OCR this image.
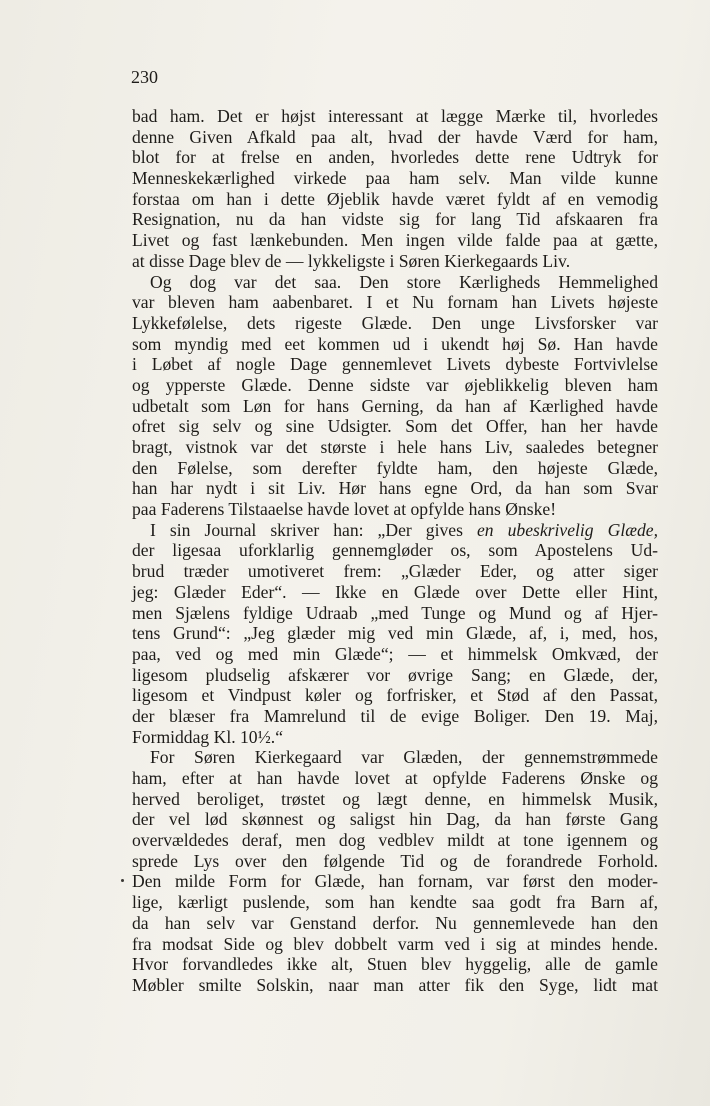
230
bad ham. Det er højst interessant at lægge Mærke til, hvorledes
denne Given Afkald paa alt, hvad der havde Værd for ham,
blot for at frelse en anden, hvorledes dette rene Udtryk for
Menneskekærlighed virkede paa ham selv. Man vilde kunne
forstaa om han i dette Øjeblik havde været fyldt af en vemodig
Resignation, nu da han vidste sig for lang Tid afskaaren fra
Livet og fast lænkebunden. Men ingen vilde falde paa at gætte,
at disse Dage blev de — lykkeligste i Søren Kierkegaards Liv.
Og dog var det saa. Den store Kærligheds Hemmelighed
var bleven ham aabenbaret. I et Nu fornam han Livets højeste
Lykkefølelse, dets rigeste Glæde. Den unge Livsforsker var
som myndig med eet kommen ud i ukendt høj Sø. Han havde
i Løbet af nogle Dage gennemlevet Livets dybeste Fortvivlelse
og ypperste Glæde. Denne sidste var øjeblikkelig bleven ham
udbetalt som Løn for hans Gerning, da han af Kærlighed havde
ofret sig selv og sine Udsigter. Som det Offer, han her havde
bragt, vistnok var det største i hele hans Liv, saaledes betegner
den Følelse, som derefter fyldte ham, den højeste Glæde,
han har nydt i sit Liv. Hør hans egne Ord, da han som Svar
paa Faderens Tilstaaelse havde lovet at opfylde hans Ønske!
I sin Journal skriver han: „Der gives en ubeskrivelig Glæde,
der ligesaa uforklarlig gennemgløder os, som Apostelens Ud-
brud træder umotiveret frem: „Glæder Eder, og atter siger
jeg: Glæder Eder“. — Ikke en Glæde over Dette eller Hint,
men Sjælens fyldige Udraab „med Tunge og Mund og af Hjer-
tens Grund“: „Jeg glæder mig ved min Glæde, af, i, med, hos,
paa, ved og med min Glæde“; — et himmelsk Omkvæd, der
ligesom pludselig afskærer vor øvrige Sang; en Glæde, der,
ligesom et Vindpust køler og forfrisker, et Stød af den Passat,
der blæser fra Mamrelund til de evige Boliger. Den 19. Maj,
Formiddag Kl. 10½.“
For Søren Kierkegaard var Glæden, der gennemstrømmede
ham, efter at han havde lovet at opfylde Faderens Ønske og
herved beroliget, trøstet og lægt denne, en himmelsk Musik,
der vel lød skønnest og saligst hin Dag, da han første Gang
overvældedes deraf, men dog vedblev mildt at tone igennem og
sprede Lys over den følgende Tid og de forandrede Forhold.
Den milde Form for Glæde, han fornam, var først den moder-
lige, kærligt puslende, som han kendte saa godt fra Barn af,
da han selv var Genstand derfor. Nu gennemlevede han den
fra modsat Side og blev dobbelt varm ved i sig at mindes hende.
Hvor forvandledes ikke alt, Stuen blev hyggelig, alle de gamle
Møbler smilte Solskin, naar man atter fik den Syge, lidt mat
